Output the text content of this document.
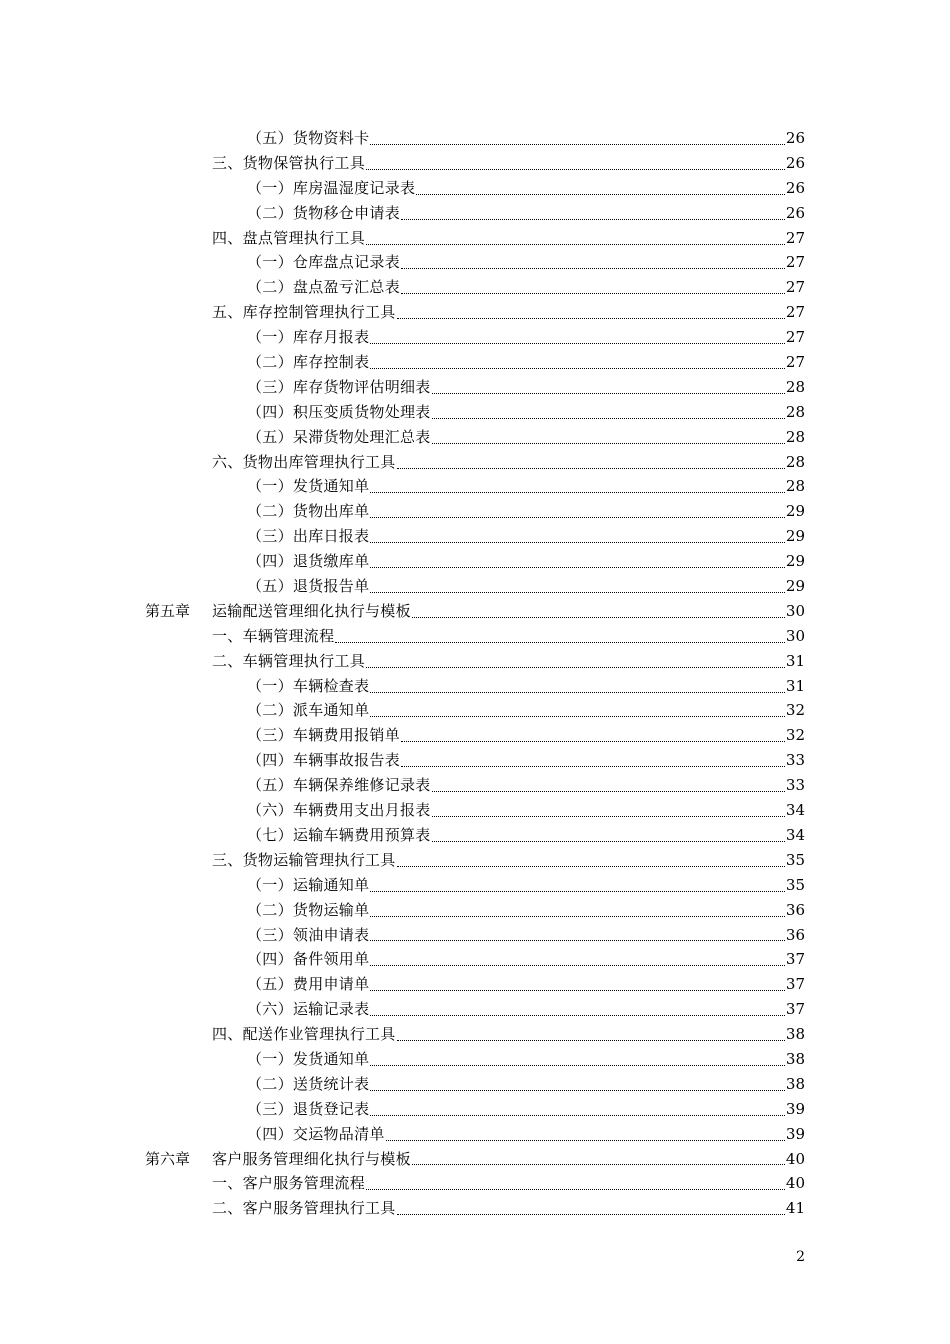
（五）货物资料卡	26
三、货物保管执行工具	26
（一）库房温湿度记录表	26
（二）货物移仓申请表	26
四、盘点管理执行工具	27
（一）仓库盘点记录表	27
（二）盘点盈亏汇总表	27
五、库存控制管理执行工具	27
（一）库存月报表	27
（二）库存控制表	27
（三）库存货物评估明细表	28
（四）积压变质货物处理表	28
（五）呆滞货物处理汇总表	28
六、货物出库管理执行工具	28
（一）发货通知单	28
（二）货物出库单	29
（三）出库日报表	29
（四）退货缴库单	29
（五）退货报告单	29
第五章	运输配送管理细化执行与模板	30
一、车辆管理流程	30
二、车辆管理执行工具	31
（一）车辆检查表	31
（二）派车通知单	32
（三）车辆费用报销单	32
（四）车辆事故报告表	33
（五）车辆保养维修记录表	33
（六）车辆费用支出月报表	34
（七）运输车辆费用预算表	34
三、货物运输管理执行工具	35
（一）运输通知单	35
（二）货物运输单	36
（三）领油申请表	36
（四）备件领用单	37
（五）费用申请单	37
（六）运输记录表	37
四、配送作业管理执行工具	38
（一）发货通知单	38
（二）送货统计表	38
（三）退货登记表	39
（四）交运物品清单	39
第六章	客户服务管理细化执行与模板	40
一、客户服务管理流程	40
二、客户服务管理执行工具	41
2
